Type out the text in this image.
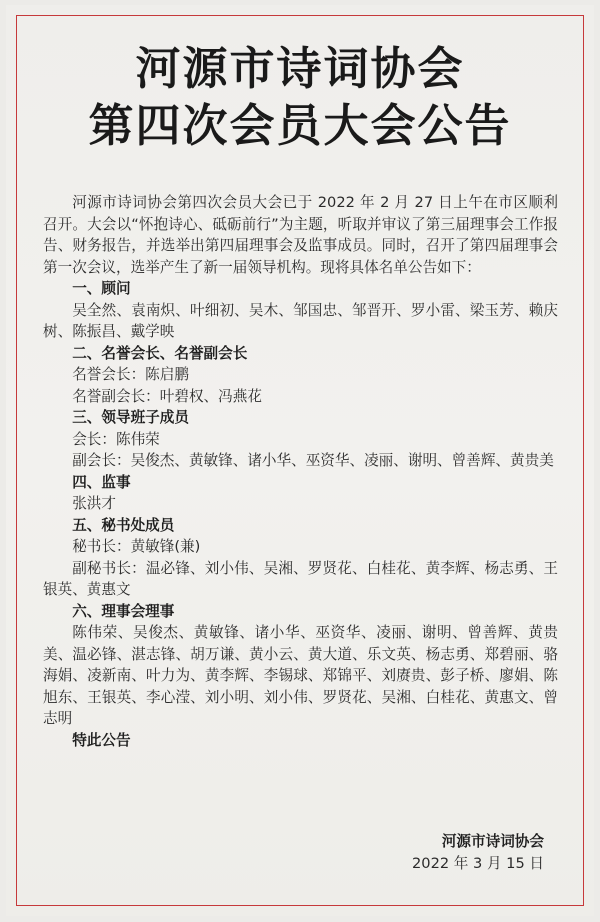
河源市诗词协会
第四次会员大会公告

河源市诗词协会第四次会员大会已于 2022 年 2 月 27 日上午在市区顺利召开。大会以“怀抱诗心、砥砺前行”为主题，听取并审议了第三届理事会工作报告、财务报告，并选举出第四届理事会及监事成员。同时，召开了第四届理事会第一次会议，选举产生了新一届领导机构。现将具体名单公告如下：

一、顾问
吴全然、袁南炽、叶细初、吴木、邹国忠、邹晋开、罗小雷、梁玉芳、赖庆树、陈振昌、戴学映
二、名誉会长、名誉副会长
名誉会长：陈启鹏
名誉副会长：叶碧权、冯燕花
三、领导班子成员
会长：陈伟荣
副会长：吴俊杰、黄敏锋、诸小华、巫资华、凌丽、谢明、曾善辉、黄贵美
四、监事
张洪才
五、秘书处成员
秘书长：黄敏锋(兼)
副秘书长：温必锋、刘小伟、吴湘、罗贤花、白桂花、黄李辉、杨志勇、王银英、黄惠文
六、理事会理事
陈伟荣、吴俊杰、黄敏锋、诸小华、巫资华、凌丽、谢明、曾善辉、黄贵美、温必锋、湛志锋、胡万谦、黄小云、黄大道、乐文英、杨志勇、郑碧丽、骆海娟、凌新南、叶力为、黄李辉、李锡球、郑锦平、刘赓贵、彭子桥、廖娟、陈旭东、王银英、李心滢、刘小明、刘小伟、罗贤花、吴湘、白桂花、黄惠文、曾志明
特此公告
河源市诗词协会
2022 年 3 月 15 日
